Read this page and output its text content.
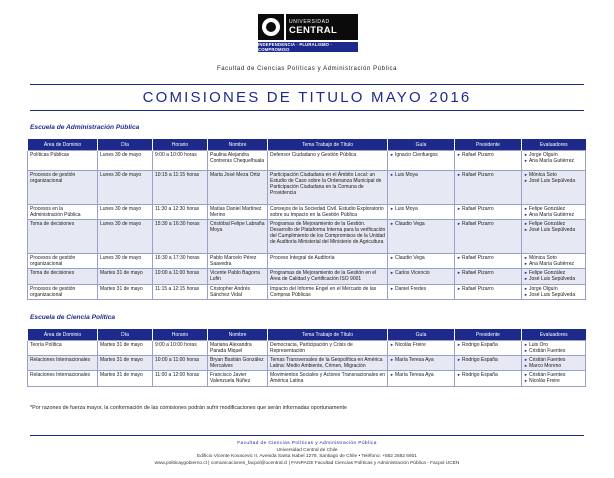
UNIVERSIDAD
CENTRAL
INDEPENDENCIA · PLURALISMO · COMPROMISO
Facultad de Ciencias Políticas y Administración Pública
COMISIONES DE TITULO MAYO 2016
Escuela de Administración Pública
Área de Dominio	Día	Horario	Nombre	Tema Trabajo de Título	Guía	Presidente	Evaluadores
Políticas Públicas	Lunes 30 de mayo	9:00 a 10:00 horas	Paulina Alejandra Contreras Chequelhuala	Defensor Ciudadano y Gestión Pública	►Ignacio Cienfuegos	►Rafael Pizarro	►Jorge Olguín
►Ana María Gutiérrez

Procesos de gestión organizacional	Lunes 30 de mayo	10:15 a 11:15 horas	Marta José Meza Ortiz	Participación Ciudadana en el Ámbito Local: un Estudio de Caso sobre la Ordenanza Municipal de Participación Ciudadana en la Comuna de Providencia	►Luis Moya	►Rafael Pizarro	►Mónica Soto
►José Luis Sepúlveda

Procesos en la Administración Pública	Lunes 30 de mayo	11:30 a 12:30 horas	Matías Daniel Martínez Merino	Consejos de la Sociedad Civil. Estudio Exploratorio sobre su Impacto en la Gestión Pública	►Luis Moya	►Rafael Pizarro	►Felipe González
►Ana María Gutiérrez

Toma de decisiones	Lunes 30 de mayo	15:30 a 16:30 horas	Cristóbal Felipe Labraña Moya	Programas de Mejoramiento de la Gestión. Desarrollo de Plataforma Interna para la verificación del Cumplimiento de los Compromisos de la Unidad de Auditoría Ministerial del Ministerio de Agricultura	►Claudio Vega	►Rafael Pizarro	►Felipe González
►José Luis Sepúlveda

Procesos de gestión organizacional	Lunes 30 de mayo	16:30 a 17:30 horas	Pablo Marcelo Pérez Saavedra	Proceso Integral de Auditoría	►Claudio Vega	►Rafael Pizarro	►Mónica Soto
►Ana María Gutiérrez

Toma de decisiones	Martes 31 de mayo	10:00 a 11:00 horas	Vicente Pablo Bagorra Lufin	Programas de Mejoramiento de la Gestión en el Área de Calidad y Certificación ISO 9001	►Carlos Vicencio	►Rafael Pizarro	►Felipe González
►José Luis Sepúlveda

Procesos de gestión organizacional	Martes 31 de mayo	11:15 a 12:15 horas	Cristopher Andrés Sánchez Vidal	Impacto del Informe Engel en el Mercado de las Compras Públicas	►Daniel Fredes	►Rafael Pizarro	►Jorge Olguín
►José Luis Sepúlveda
Escuela de Ciencia Política
Área de Dominio	Día	Horario	Nombre	Tema Trabajo de Título	Guía	Presidente	Evaluadores
Teoría Política	Martes 31 de mayo	9:00 a 10:00 horas	Mariana Alexandra Parada Miquel	Democracia, Participación y Crisis de Representación	►Nicolás Freire	►Rodrigo España	►Luis Oro
►Cristián Fuentes

Relaciones Internacionales	Martes 31 de mayo	10:00 a 11:00 horas	Bryan Bastián González Mercalves	Temas Transversales de la Geopolítica en América Latina: Medio Ambiente, Crimen, Migración	►María Teresa Aya	►Rodrigo España	►Cristián Fuentes
►Marco Moreno

Relaciones Internacionales	Martes 31 de mayo	11:00 a 12:00 horas	Francisco Javier Valenzuela Núñez	Movimientos Sociales y Actores Transnacionales en América Latina	►María Teresa Aya	►Rodrigo España	►Cristián Fuentes
►Nicolás Freire
*Por razones de fuerza mayor, la conformación de las comisiones podrán sufrir modificaciones que serán informadas oportunamente
Facultad de Ciencias Políticas y Administración Pública
Universidad Central de Chile
Edificio Vicente Kovacevic II, Avenida Santa Isabel 1278, Santiago de Chile • Teléfono: +562 2582 6601
www.politicaygobierno.cl | comunicaciones_facpol@ucentral.cl | FANPAGE Facultad Ciencias Políticas y Administración Pública - Facpol UCEN
